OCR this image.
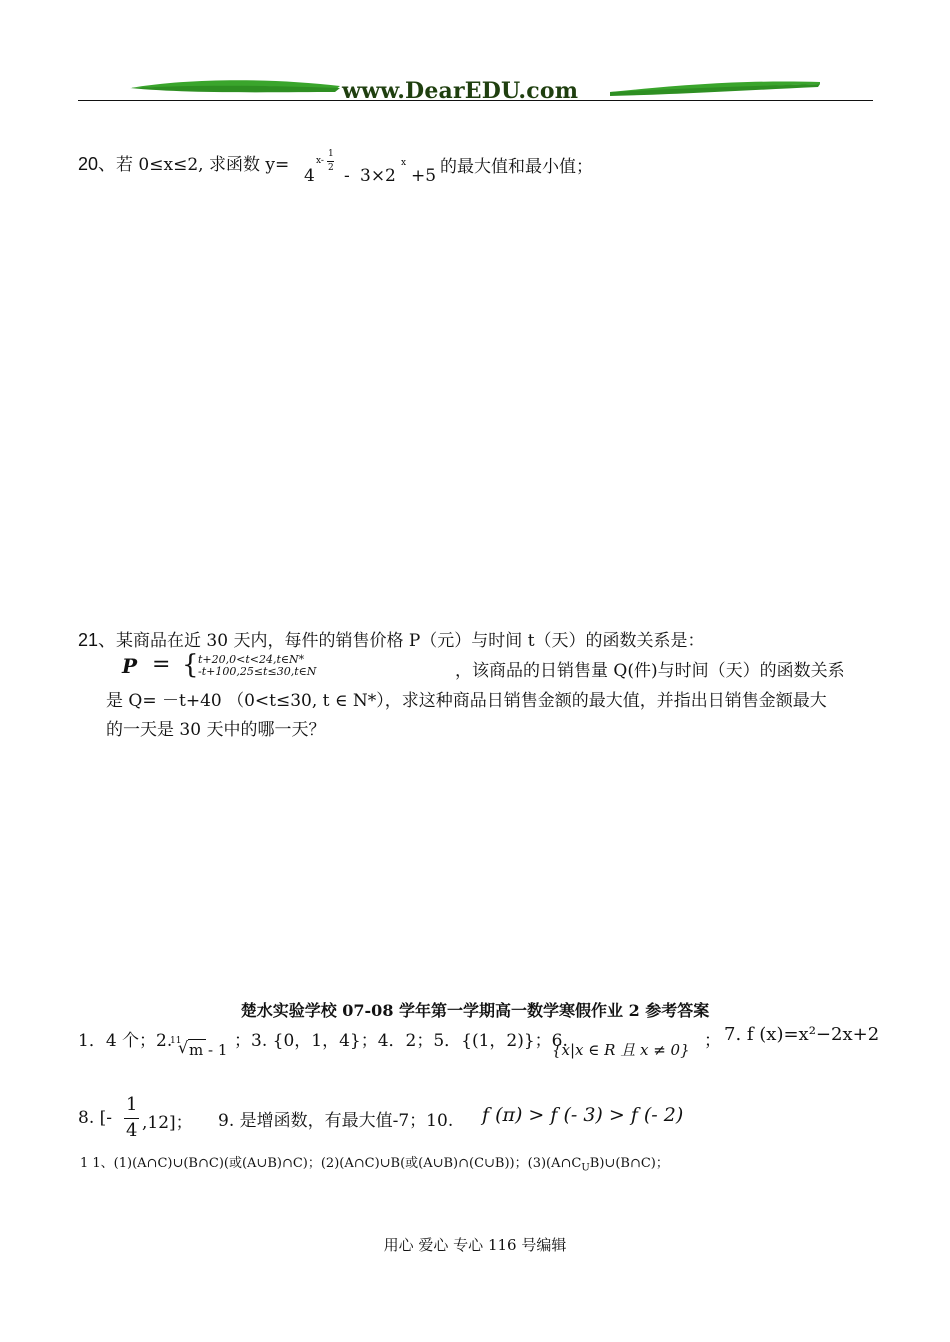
www.DearEDU.com
20、若 0≤x≤2, 求函数 y=
4
x-
1
2 - 3×2
x
+5 的最大值和最小值；
21、某商品在近 30 天内，每件的销售价格 P（元）与时间 t（天）的函数关系是：
P = { t+20,0<t<24,t∈N*
-t+100,25≤t≤30,t∈N	，该商品的日销售量 Q(件)与时间（天）的函数关系
是 Q= －t+40 （0<t≤30, t ∈ N*），求这种商品日销售金额的最大值，并指出日销售金额最大
的一天是 30 天中的哪一天？
楚水实验学校 07-08 学年第一学期高一数学寒假作业 2 参考答案
1．4 个；2.
11
√ m - 1 ；3. {0，1，4}；4．2；5．{(1，2)}；6.
{x|x ∈ R 且 x ≠ 0} ； 7. f (x)=x²−2x+2
8. [-
1
4 ,12]； 9. 是增函数，有最大值-7；10. f (π) > f (- 3) > f (- 2)
1 1、(1)(A∩C)∪(B∩C)(或(A∪B)∩C)；(2)(A∩C)∪B(或(A∪B)∩(C∪B))；$(3)(A\cap C_UB)\cup(B\cap C)$；
用心 爱心 专心 116 号编辑
